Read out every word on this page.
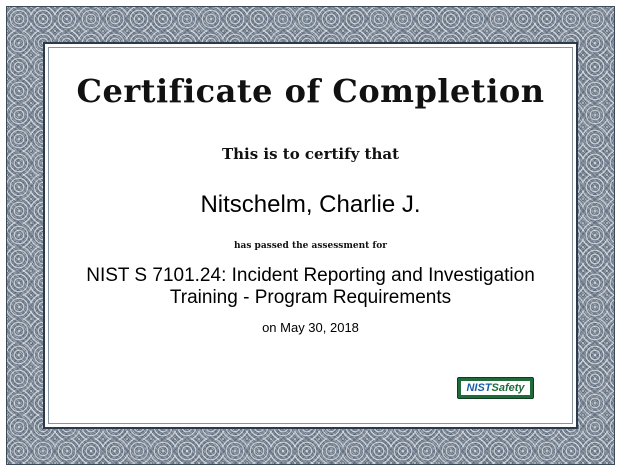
Certificate of Completion
This is to certify that
Nitschelm, Charlie J.
has passed the assessment for
NIST S 7101.24: Incident Reporting and Investigation
Training - Program Requirements
on May 30, 2018
NISTSafety
